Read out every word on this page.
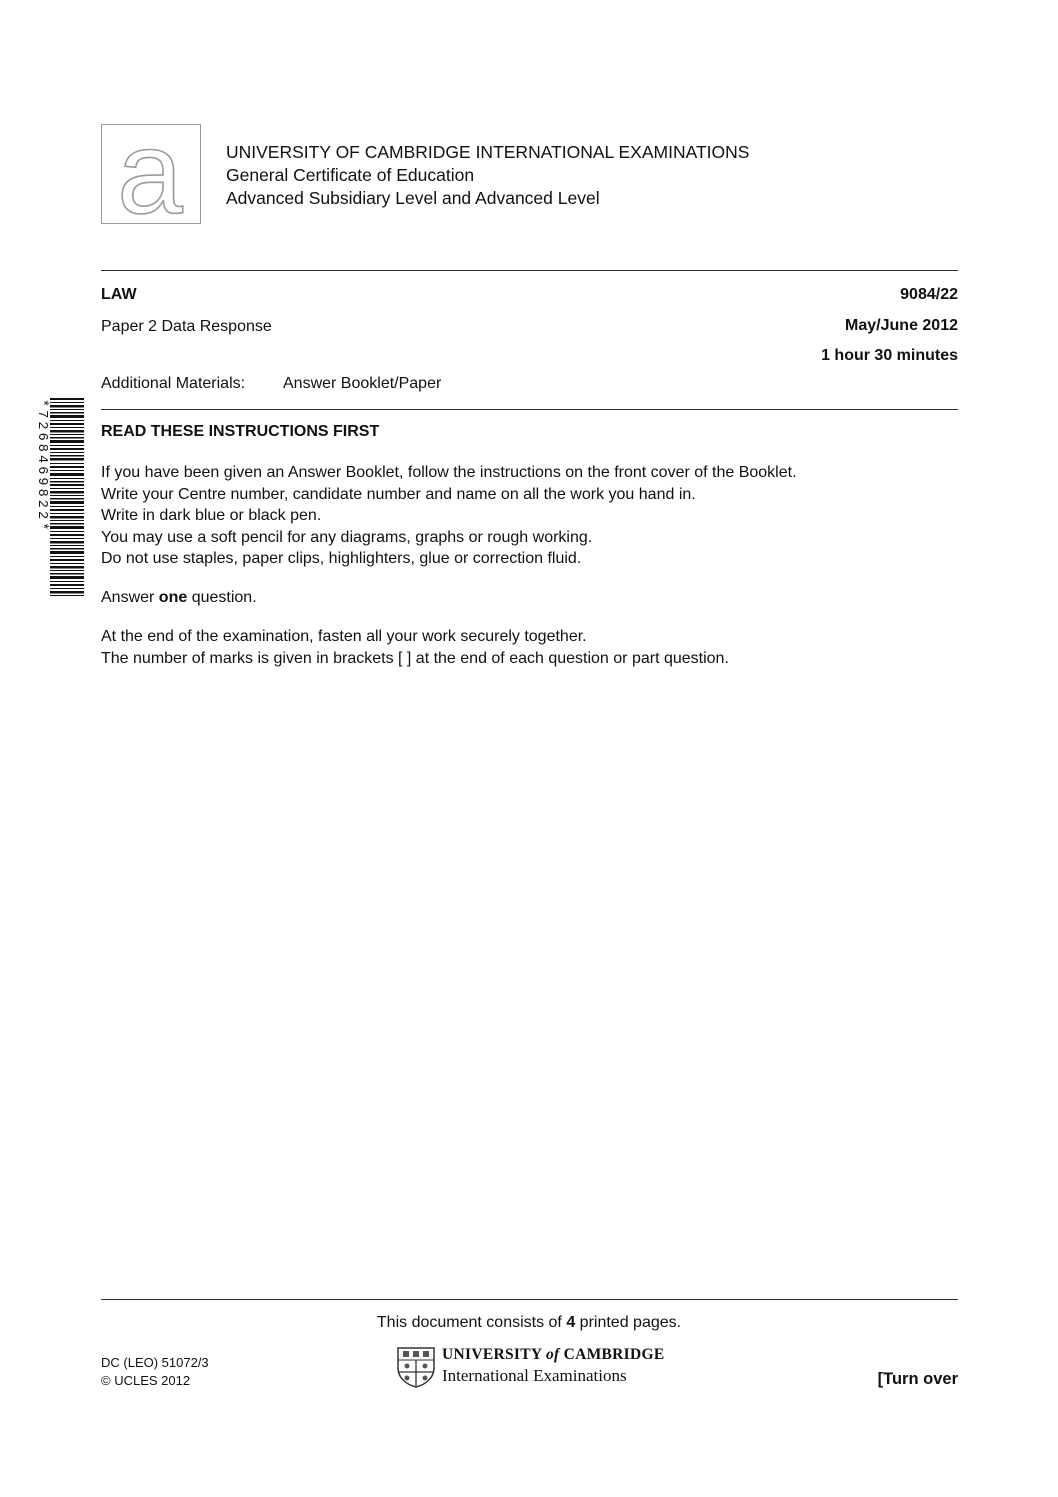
a UNIVERSITY OF CAMBRIDGE INTERNATIONAL EXAMINATIONS
General Certificate of Education
Advanced Subsidiary Level and Advanced Level
LAW	9084/22
Paper 2 Data Response	May/June 2012
1 hour 30 minutes
Additional Materials: Answer Booklet/Paper
*7268469822*	READ THESE INSTRUCTIONS FIRST
If you have been given an Answer Booklet, follow the instructions on the front cover of the Booklet.
Write your Centre number, candidate number and name on all the work you hand in.
Write in dark blue or black pen.
You may use a soft pencil for any diagrams, graphs or rough working.
Do not use staples, paper clips, highlighters, glue or correction fluid.
Answer one question.
At the end of the examination, fasten all your work securely together.
The number of marks is given in brackets [ ] at the end of each question or part question.
This document consists of 4 printed pages.
DC (LEO) 51072/3
© UCLES 2012
UNIVERSITY of CAMBRIDGE
International Examinations	[Turn over
